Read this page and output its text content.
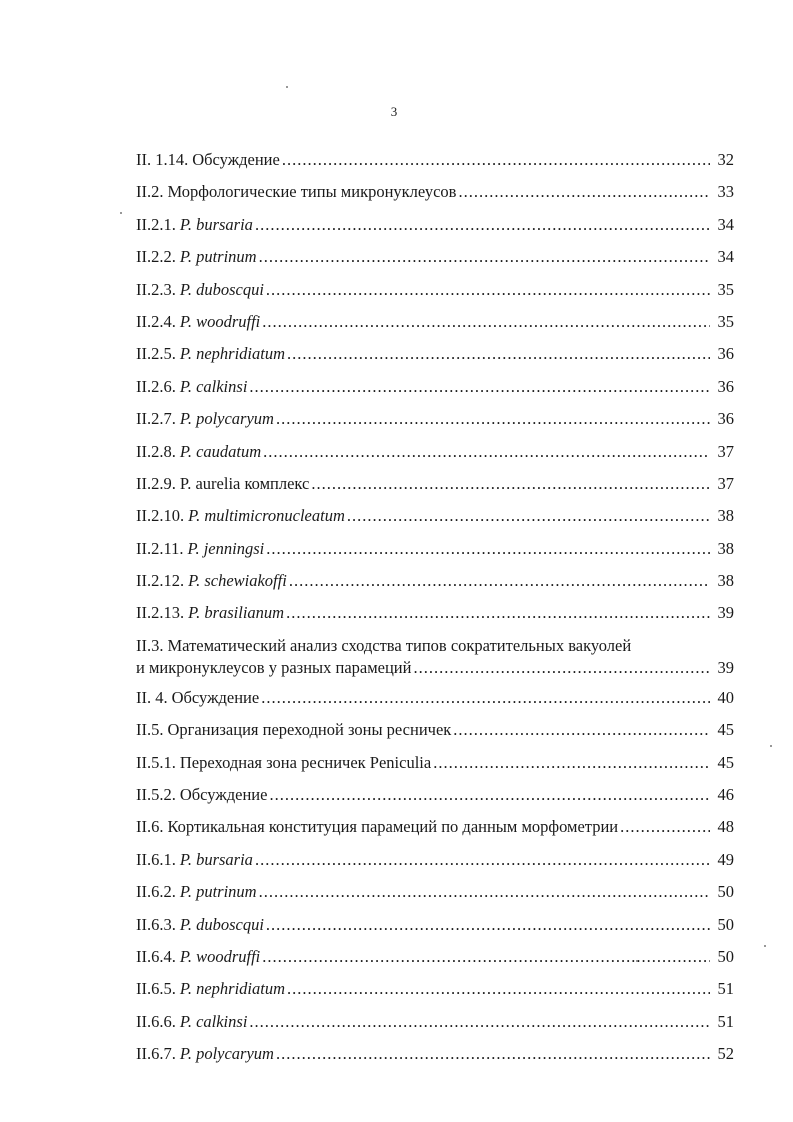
3
II. 1.14. Обсуждение .....	32
II.2. Морфологические типы микронуклеусов .....	33
II.2.1. P. bursaria .....	34
II.2.2. P. putrinum .....	34
II.2.3. P. duboscqui .....	35
II.2.4. P. woodruffi .....	35
II.2.5. P. nephridiatum .....	36
II.2.6. P. calkinsi .....	36
II.2.7. P. polycaryum .....	36
II.2.8. P. caudatum .....	37
II.2.9. P. aurelia комплекс .....	37
II.2.10. P. multimicronucleatum .....	38
II.2.11. P. jenningsi .....	38
II.2.12. P. schewiakoffi .....	38
II.2.13. P. brasilianum .....	39
II.3. Математический анализ сходства типов сократительных вакуолей
и микронуклеусов у разных парамеций .....	39
II. 4. Обсуждение .....	40
II.5. Организация переходной зоны ресничек .....	45
II.5.1. Переходная зона ресничек Peniculia .....	45
II.5.2. Обсуждение .....	46
II.6. Кортикальная конституция парамеций по данным морфометрии .....	48
II.6.1. P. bursaria .....	49
II.6.2. P. putrinum .....	50
II.6.3. P. duboscqui .....	50
II.6.4. P. woodruffi .....	50
II.6.5. P. nephridiatum .....	51
II.6.6. P. calkinsi .....	51
II.6.7. P. polycaryum .....	52
